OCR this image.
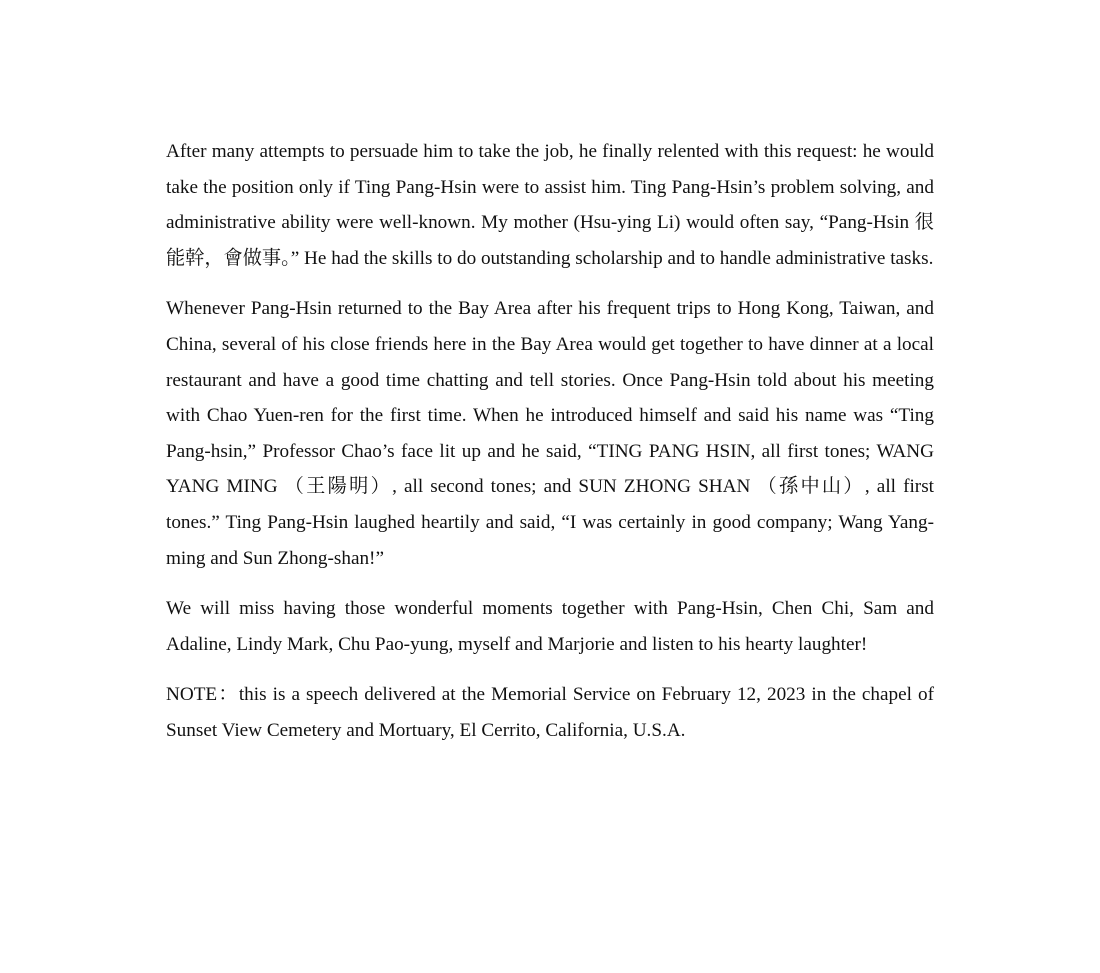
After many attempts to persuade him to take the job, he finally relented with this request: he would take the position only if Ting Pang-Hsin were to assist him. Ting Pang-Hsin’s problem solving, and administrative ability were well-known. My mother (Hsu-ying Li) would often say, “Pang-Hsin 很能幹，會做事。” He had the skills to do outstanding scholarship and to handle administrative tasks.

Whenever Pang-Hsin returned to the Bay Area after his frequent trips to Hong Kong, Taiwan, and China, several of his close friends here in the Bay Area would get together to have dinner at a local restaurant and have a good time chatting and tell stories. Once Pang-Hsin told about his meeting with Chao Yuen-ren for the first time. When he introduced himself and said his name was “Ting Pang-hsin,” Professor Chao’s face lit up and he said, “TING PANG HSIN, all first tones; WANG YANG MING （王陽明）, all second tones; and SUN ZHONG SHAN （孫中山）, all first tones.” Ting Pang-Hsin laughed heartily and said, “I was certainly in good company; Wang Yang-ming and Sun Zhong-shan!”

We will miss having those wonderful moments together with Pang-Hsin, Chen Chi, Sam and Adaline, Lindy Mark, Chu Pao-yung, myself and Marjorie and listen to his hearty laughter!

NOTE：this is a speech delivered at the Memorial Service on February 12, 2023 in the chapel of Sunset View Cemetery and Mortuary, El Cerrito, California, U.S.A.
